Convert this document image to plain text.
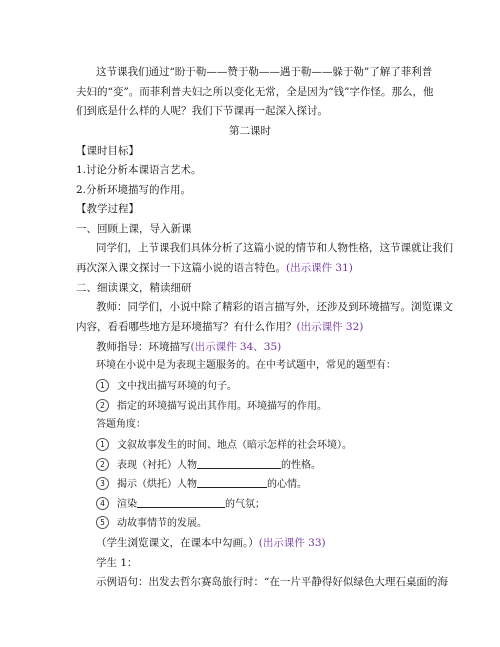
这节课我们通过“盼于勒——赞于勒——遇于勒——躲于勒”了解了菲利普
夫妇的“变”。而菲利普夫妇之所以变化无常，全是因为“钱”字作怪。那么，他
们到底是什么样的人呢？我们下节课再一起深入探讨。
第二课时
【课时目标】
1.讨论分析本课语言艺术。
2.分析环境描写的作用。
【教学过程】
一、回顾上课，导入新课
同学们，上节课我们具体分析了这篇小说的情节和人物性格，这节课就让我们
再次深入课文探讨一下这篇小说的语言特色。(出示课件 31)
二、细读课文，精读细研
教师：同学们，小说中除了精彩的语言描写外，还涉及到环境描写。浏览课文
内容，看看哪些地方是环境描写？有什么作用？(出示课件 32)
教师指导：环境描写(出示课件 34、35)
环境在小说中是为表现主题服务的。在中考试题中，常见的题型有：
1 文中找出描写环境的句子。
2 指定的环境描写说出其作用。环境描写的作用。
答题角度：
1 文叙故事发生的时间、地点（暗示怎样的社会环境）。
2 表现（衬托）人物	的性格。
3 揭示（烘托）人物	的心情。
4 渲染	的气氛；
5 动故事情节的发展。
（学生浏览课文，在课本中勾画。）(出示课件 33)
学生 1：
示例语句：出发去哲尔赛岛旅行时：“在一片平静得好似绿色大理石桌面的海
